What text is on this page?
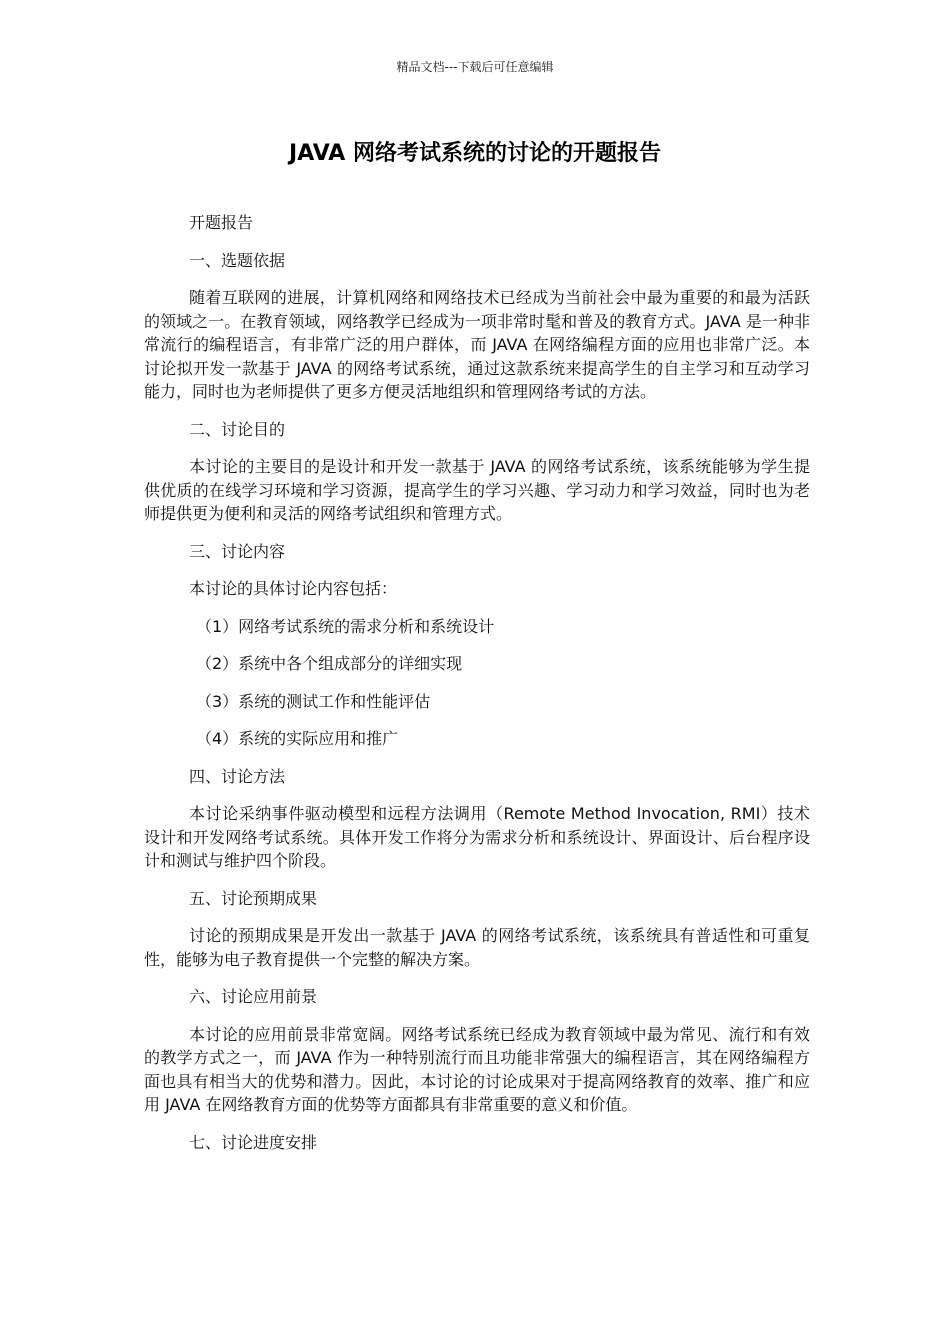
精品文档---下载后可任意编辑
JAVA 网络考试系统的讨论的开题报告
开题报告
一、选题依据
随着互联网的进展，计算机网络和网络技术已经成为当前社会中最为重要的和最为活跃的领域之一。在教育领域，网络教学已经成为一项非常时髦和普及的教育方式。JAVA 是一种非常流行的编程语言，有非常广泛的用户群体，而 JAVA 在网络编程方面的应用也非常广泛。本讨论拟开发一款基于 JAVA 的网络考试系统，通过这款系统来提高学生的自主学习和互动学习能力，同时也为老师提供了更多方便灵活地组织和管理网络考试的方法。
二、讨论目的
本讨论的主要目的是设计和开发一款基于 JAVA 的网络考试系统，该系统能够为学生提供优质的在线学习环境和学习资源，提高学生的学习兴趣、学习动力和学习效益，同时也为老师提供更为便利和灵活的网络考试组织和管理方式。
三、讨论内容
本讨论的具体讨论内容包括：
（1）网络考试系统的需求分析和系统设计
（2）系统中各个组成部分的详细实现
（3）系统的测试工作和性能评估
（4）系统的实际应用和推广
四、讨论方法
本讨论采纳事件驱动模型和远程方法调用（Remote Method Invocation, RMI）技术设计和开发网络考试系统。具体开发工作将分为需求分析和系统设计、界面设计、后台程序设计和测试与维护四个阶段。
五、讨论预期成果
讨论的预期成果是开发出一款基于 JAVA 的网络考试系统，该系统具有普适性和可重复性，能够为电子教育提供一个完整的解决方案。
六、讨论应用前景
本讨论的应用前景非常宽阔。网络考试系统已经成为教育领域中最为常见、流行和有效的教学方式之一，而 JAVA 作为一种特别流行而且功能非常强大的编程语言，其在网络编程方面也具有相当大的优势和潜力。因此，本讨论的讨论成果对于提高网络教育的效率、推广和应用 JAVA 在网络教育方面的优势等方面都具有非常重要的意义和价值。
七、讨论进度安排
